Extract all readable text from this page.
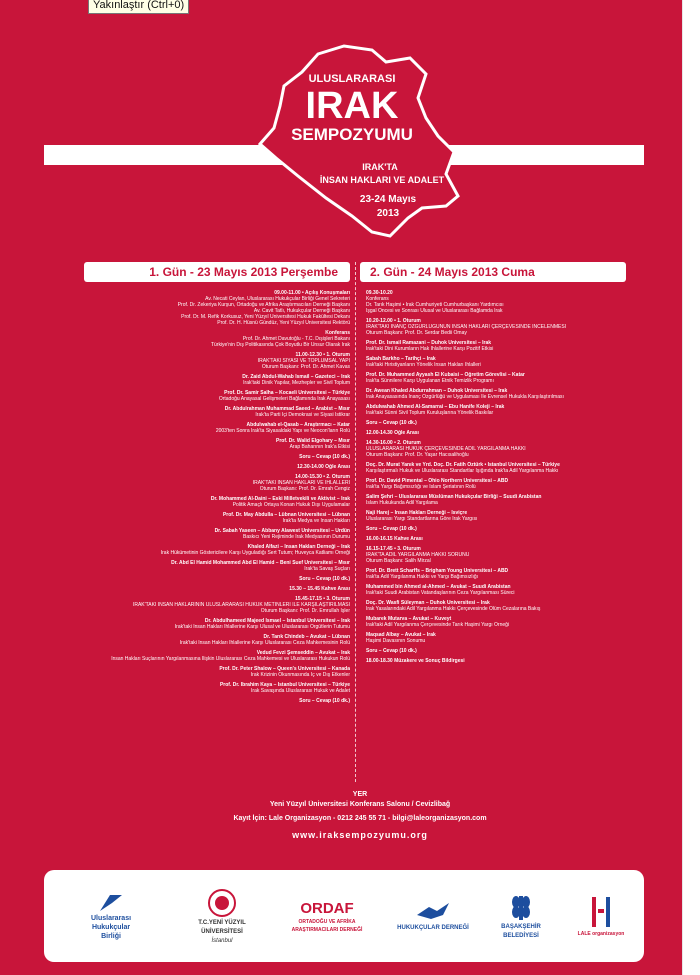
ULUSLARARASI
IRAK
SEMPOZYUMU
IRAK'TA
İNSAN HAKLARI VE ADALET
23-24 Mayıs
2013
1. Gün - 23 Mayıs 2013 Perşembe	2. Gün - 24 Mayıs 2013 Cuma
09.00-11.00 • Açılış Konuşmaları
Av. Necati Ceylan, Uluslararası Hukukçular Birliği Genel Sekreteri
Prof. Dr. Zekeriya Kurşun, Ortadoğu ve Afrika Araştırmacıları Derneği Başkanı
Av. Cavit Tatlı, Hukukçular Derneği Başkanı
Prof. Dr. M. Refik Korkusuz, Yeni Yüzyıl Üniversitesi Hukuk Fakültesi Dekanı
Prof. Dr. H. Hüsnü Gündüz, Yeni Yüzyıl Üniversitesi Rektörü
Konferans
Prof. Dr. Ahmet Davutoğlu - T.C. Dışişleri Bakanı
Türkiye'nin Dış Politikasında Çok Boyutlu Bir Unsur Olarak Irak
11.00-12.30 • 1. Oturum
IRAK'TAKİ SİYASİ VE TOPLUMSAL YAPI
Oturum Başkanı: Prof. Dr. Ahmet Kavas
Dr. Zaid Abdul-Wahab İsmail – Gazeteci – Irak
Irak'taki Dinik Yapılar, Mezhepler ve Sivil Toplum
Prof. Dr. Samir Salha – Kocaeli Üniversitesi – Türkiye
Ortadoğu Anayasal Gelişmeleri Bağlamında Irak Anayasası
Dr. Abdulrahman Muhammad Saeed – Arabist – Mısır
Irak'ta Parti İçi Demokrasi ve Siyasi İstikrar
Abdulwahab el-Qasab – Araştırmacı – Katar
2003'ten Sonra Irak'ta Siyasaldaki Yapı ve Neocon'ların Rolü
Prof. Dr. Walid Elgohary – Mısır
Arap Baharının Irak'a Etkisi
Soru – Cevap (10 dk.)
12.30-14.00 Öğle Arası
14.00-15.30 • 2. Oturum
IRAK'TAKİ İNSAN HAKLARI VE İHLALLERİ
Oturum Başkanı: Prof. Dr. Emrah Cengiz
Dr. Mohammed Al-Daini – Eski Milletvekili ve Aktivist – Irak
Politik Amaçlı Ortaya Konan Hukuk Dışı Uygulamalar
Prof. Dr. May Abdulla – Lübnan Üniversitesi – Lübnan
Irak'ta Medya ve İnsan Hakları
Dr. Sabah Yaseen – Abbany Alawest Üniversitesi – Ürdün
Baskıcı Yeni Rejiminde Irak Medyasının Durumu
Khaled Alfazi – İnsan Hakları Derneği – Irak
Irak Hükümetinin Göstericilere Karşı Uyguladığı Sert Tutum; Huveyca Katliamı Örneği
Dr. Abd El Hamid Mohammed Abd El Hamid – Beni Suef Üniversitesi – Mısır
Irak'ta Savaş Suçları
Soru – Cevap (10 dk.)
15.30 – 15.45 Kahve Arası
15.45-17.15 • 3. Oturum
IRAK'TAKİ İNSAN HAKLARININ ULUSLARARASI HUKUK METİNLERİ İLE KARŞILAŞTIRILMASI
Oturum Başkanı: Prof. Dr. Emrullah İşler
Dr. Abdulhameed Majeed İsmael – İstanbul Üniversitesi – Irak
Irak'taki İnsan Hakları İhlallerine Karşı Ulusal ve Uluslararası Örgütlerin Tutumu
Dr. Tarık Chindeb – Avukat – Lübnan
Irak'taki İnsan Hakları İhlallerine Karşı Uluslararası Ceza Mahkemesinin Rolü
Vedud Fevzi Şemseddin – Avukat – Irak
İnsan Hakları Suçlarının Yargılanmasına İlişkin Uluslararası Ceza Mahkemesi ve Uluslararası Hukukun Rolü
Prof. Dr. Peter Shalow – Queen's Üniversitesi – Kanada
Irak Krizinin Okunmasında İç ve Dış Etkenler
Prof. Dr. İbrahim Kaya – İstanbul Üniversitesi – Türkiye
Irak Savaşında Uluslararası Hukuk ve Adalet
Soru – Cevap (10 dk.)
09.30-10.20
Konferans
Dr. Tarık Haşimi • Irak Cumhuriyeti Cumhurbaşkanı Yardımcısı
İşgal Öncesi ve Sonrası Ulusal ve Uluslararası Bağlamda Irak
10.20-12.00 • 1. Oturum
IRAK'TAKİ İNANÇ ÖZGÜRLÜĞÜNÜN İNSAN HAKLARI ÇERÇEVESİNDE İNCELENMESİ
Oturum Başkanı: Prof. Dr. Serdar Bedii Omay
Prof. Dr. İsmail Ramazani – Duhok Üniversitesi – Irak
Irak'taki Dini Kurumların Hak İhlallerine Karşı Pozitif Etkisi
Sabah Barkho – Tarihçi – Irak
Irak'taki Hıristiyanların Yönelik İnsan Hakları İhlalleri
Prof. Dr. Muhammed Ayyash El Kubaisi – Öğretim Görevlisi – Katar
Irak'ta Sünnilere Karşı Uygulanan Etnik Temizlik Programı
Dr. Awean Khaled Abdurrahman – Duhok Üniversitesi – Irak
Irak Anayasasında İnanç Özgürlüğü ve Uygulaması İle Evrensel Hukukla Karşılaştırılması
Abdulwahab Ahmed Al-Samarrai – Ebu Hanife Koleji – Irak
Irak'taki Sünni Sivil Toplum Kuruluşlarına Yönelik Baskılar
Soru – Cevap (10 dk.)
12.00-14.30 Öğle Arası
14.30-16.00 • 2. Oturum
ULUSLARARASI HUKUK ÇERÇEVESİNDE ADİL YARGILANMA HAKKI
Oturum Başkanı: Prof. Dr. Yaşar Hacısalihoğlu
Doç. Dr. Murat Yanık ve Yrd. Doç. Dr. Fatih Öztürk • İstanbul Üniversitesi – Türkiye
Karşılaştırmalı Hukuk ve Uluslararası Standartlar Işığında Irak'ta Adil Yargılanma Hakkı
Prof. Dr. David Pimental – Ohio Northern Üniversitesi – ABD
Irak'ta Yargı Bağımsızlığı ve İslam Şeriatının Rolü
Salim Şehri – Uluslararası Müslüman Hukukçular Birliği – Suudi Arabistan
İslam Hukukunda Adil Yargılama
Naji Harej – İnsan Hakları Derneği – İsviçre
Uluslararası Yargı Standartlarına Göre Irak Yargısı
Soru – Cevap (10 dk.)
16.00-16.15 Kahve Arası
16.15-17.45 • 3. Oturum
IRAK'TA ADİL YARGILANMA HAKKI SORUNU
Oturum Başkanı: Salih Mirzal
Prof. Dr. Brett Scharffs – Brigham Young Üniversitesi – ABD
Irak'ta Adil Yargılanma Hakkı ve Yargı Bağımsızlığı
Muhammed bin Ahmed al-Ahmed – Avukat – Suudi Arabistan
Irak'taki Suudi Arabistan Vatandaşlarının Ceza Yargılanması Süreci
Doç. Dr. Wasfi Süleyman – Duhok Üniversitesi – Irak
Irak Yasalarındaki Adil Yargılanma Hakkı Çerçevesinde Ölüm Cezalarına Bakış
Mubarek Mutarva – Avukat – Kuveyt
Irak'taki Adil Yargılanma Çerçevesinde Tarık Haşimi Yargı Örneği
Maqsad Albay – Avukat – Irak
Haşimi Davasının Sonumu
Soru – Cevap (10 dk.)
18.00-18.30 Müzakere ve Sonuç Bildirgesi
YER
Yeni Yüzyıl Üniversitesi Konferans Salonu / Cevizlibağ
Kayıt İçin: Lale Organizasyon - 0212 245 55 71 - bilgi@laleorganizasyon.com
www.iraksempozyumu.org
Uluslararası
Hukukçular
Birliği
T.C.YENİ YÜZYIL
ÜNİVERSİTESİ
İstanbul
ORDAF
ORTADOĞU VE AFRİKA
ARAŞTIRMACILARI DERNEĞİ	HUKUKÇULAR DERNEĞİ	BAŞAKŞEHİR
BELEDİYESİ	LALE organizasyon
Yakınlaştır (Ctrl+0)
